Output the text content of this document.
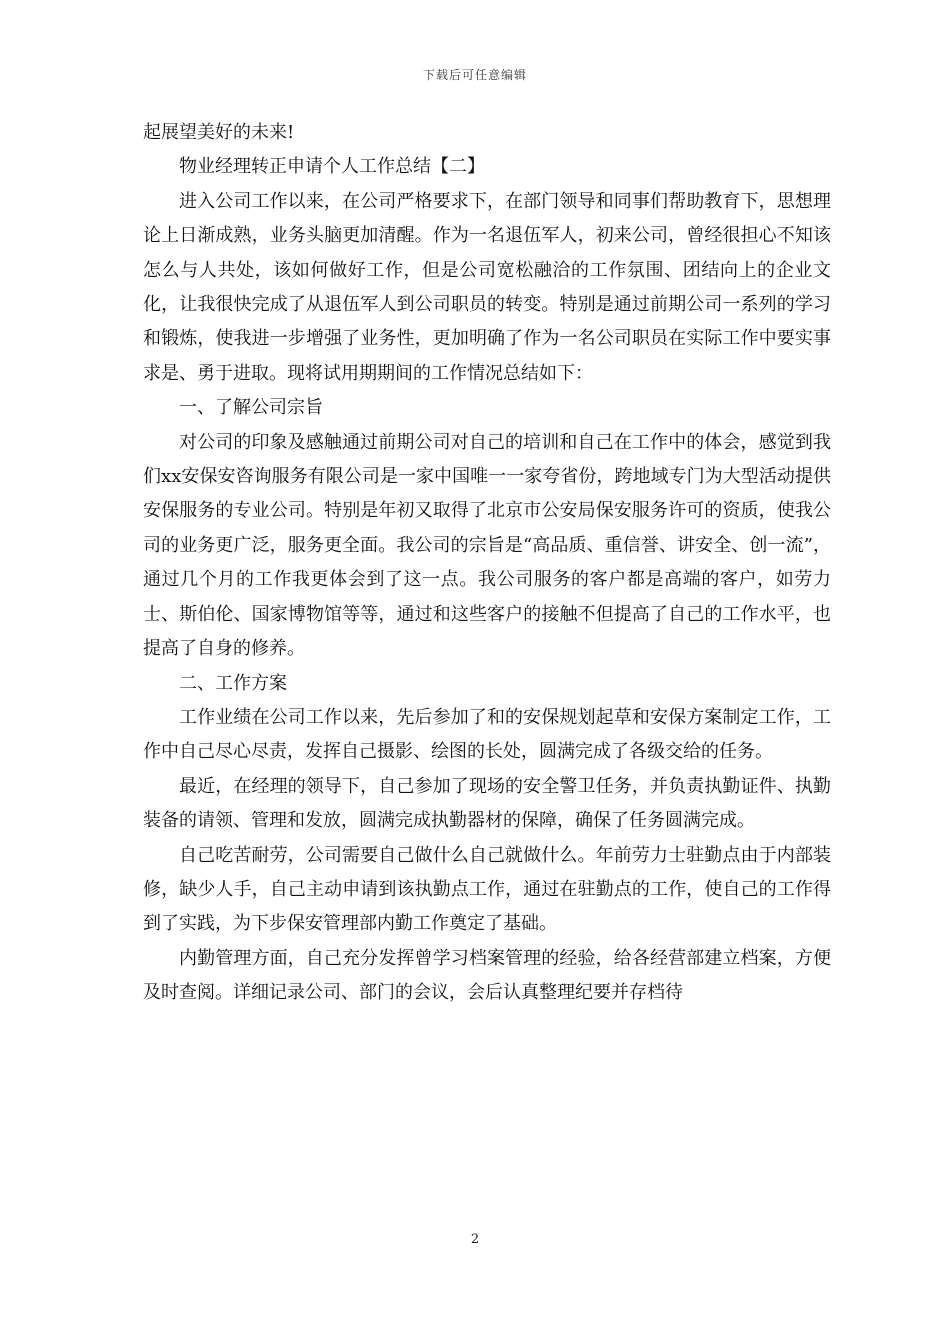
下载后可任意编辑

起展望美好的未来!

物业经理转正申请个人工作总结【二】

进入公司工作以来，在公司严格要求下，在部门领导和同事们帮助教育下，思想理论上日渐成熟，业务头脑更加清醒。作为一名退伍军人，初来公司，曾经很担心不知该怎么与人共处，该如何做好工作，但是公司宽松融洽的工作氛围、团结向上的企业文化，让我很快完成了从退伍军人到公司职员的转变。特别是通过前期公司一系列的学习和锻炼，使我进一步增强了业务性，更加明确了作为一名公司职员在实际工作中要实事求是、勇于进取。现将试用期期间的工作情况总结如下：

一、了解公司宗旨

对公司的印象及感触通过前期公司对自己的培训和自己在工作中的体会，感觉到我们xx安保安咨询服务有限公司是一家中国唯一一家夸省份，跨地域专门为大型活动提供安保服务的专业公司。特别是年初又取得了北京市公安局保安服务许可的资质，使我公司的业务更广泛，服务更全面。我公司的宗旨是“高品质、重信誉、讲安全、创一流”，通过几个月的工作我更体会到了这一点。我公司服务的客户都是高端的客户，如劳力士、斯伯伦、国家博物馆等等，通过和这些客户的接触不但提高了自己的工作水平，也提高了自身的修养。

二、工作方案

工作业绩在公司工作以来，先后参加了和的安保规划起草和安保方案制定工作，工作中自己尽心尽责，发挥自己摄影、绘图的长处，圆满完成了各级交给的任务。

最近，在经理的领导下，自己参加了现场的安全警卫任务，并负责执勤证件、执勤装备的请领、管理和发放，圆满完成执勤器材的保障，确保了任务圆满完成。

自己吃苦耐劳，公司需要自己做什么自己就做什么。年前劳力士驻勤点由于内部装修，缺少人手，自己主动申请到该执勤点工作，通过在驻勤点的工作，使自己的工作得到了实践，为下步保安管理部内勤工作奠定了基础。

内勤管理方面，自己充分发挥曾学习档案管理的经验，给各经营部建立档案，方便及时查阅。详细记录公司、部门的会议，会后认真整理纪要并存档待

2
